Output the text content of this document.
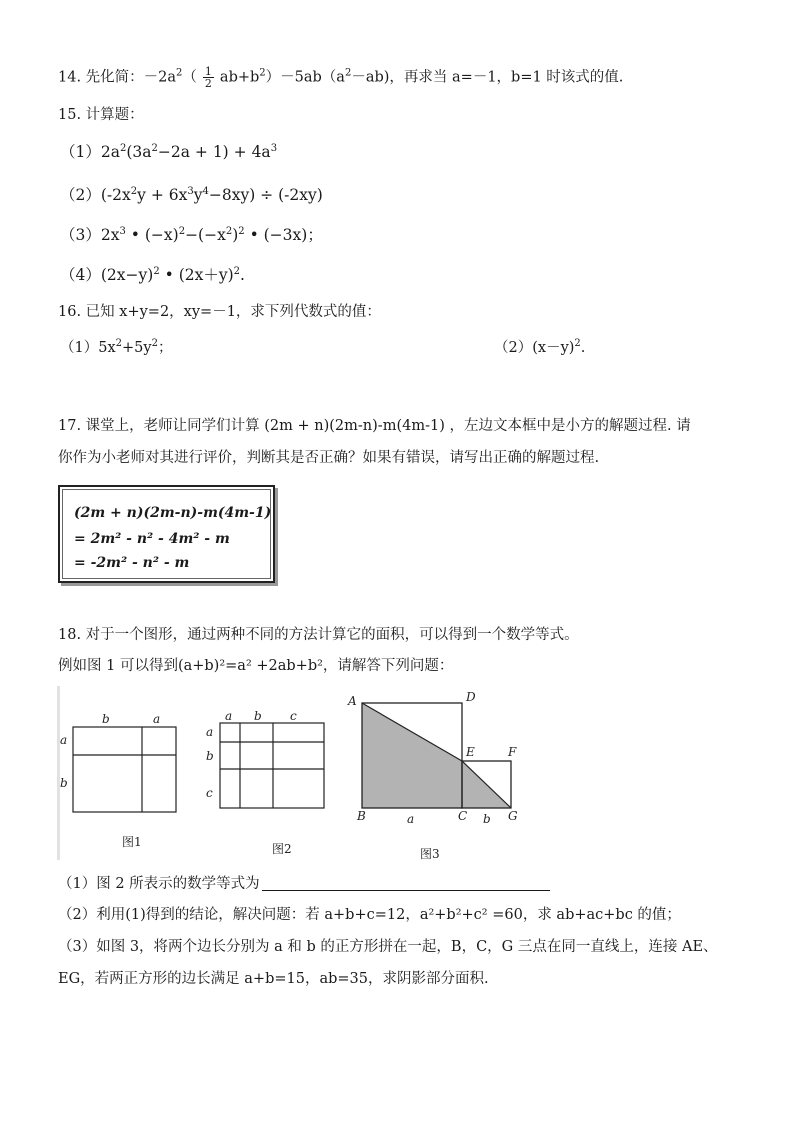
14. 先化简：$-2a^2( \frac{1}{2} ab+b^2)-5ab(a^2-ab)$，再求当 a=－1，b=1 时该式的值.
15. 计算题：
$(1)2a^2(3a^2-2a + 1) + 4a^3$
$(2)(-2x^2y + 6x^3y^4-8xy) \div (-2xy)$
$(3)2x^3$ • $(-x)^2-(-x^2)^2$ • (−3x)；
$(4)(2x-y)^2$ • $(2x+y)^2$.
16. 已知 x+y=2，xy=－1，求下列代数式的值：
$(1)5x^2+5y^2$；	$(2)(x-y)^2$.
17. 课堂上，老师让同学们计算 (2m + n)(2m-n)-m(4m-1) ，左边文本框中是小方的解题过程. 请
你作为小老师对其进行评价，判断其是否正确？如果有错误，请写出正确的解题过程.
(2m + n)(2m-n)-m(4m-1)
= 2m² - n² - 4m² - m
= -2m² - n² - m
18. 对于一个图形，通过两种不同的方法计算它的面积，可以得到一个数学等式。
例如图 1 可以得到(a+b)²=a² +2ab+b²，请解答下列问题：
b	a
a
b
图1
a b c
a
b
c
图2
A	D
E	F
B	C	G
a	b
图3
（1）图 2 所表示的数学等式为
（2）利用(1)得到的结论，解决问题：若 a+b+c=12，a²+b²+c² =60，求 ab+ac+bc 的值；
（3）如图 3，将两个边长分别为 a 和 b 的正方形拼在一起，B，C，G 三点在同一直线上，连接 AE、
EG，若两正方形的边长满足 a+b=15，ab=35，求阴影部分面积.
